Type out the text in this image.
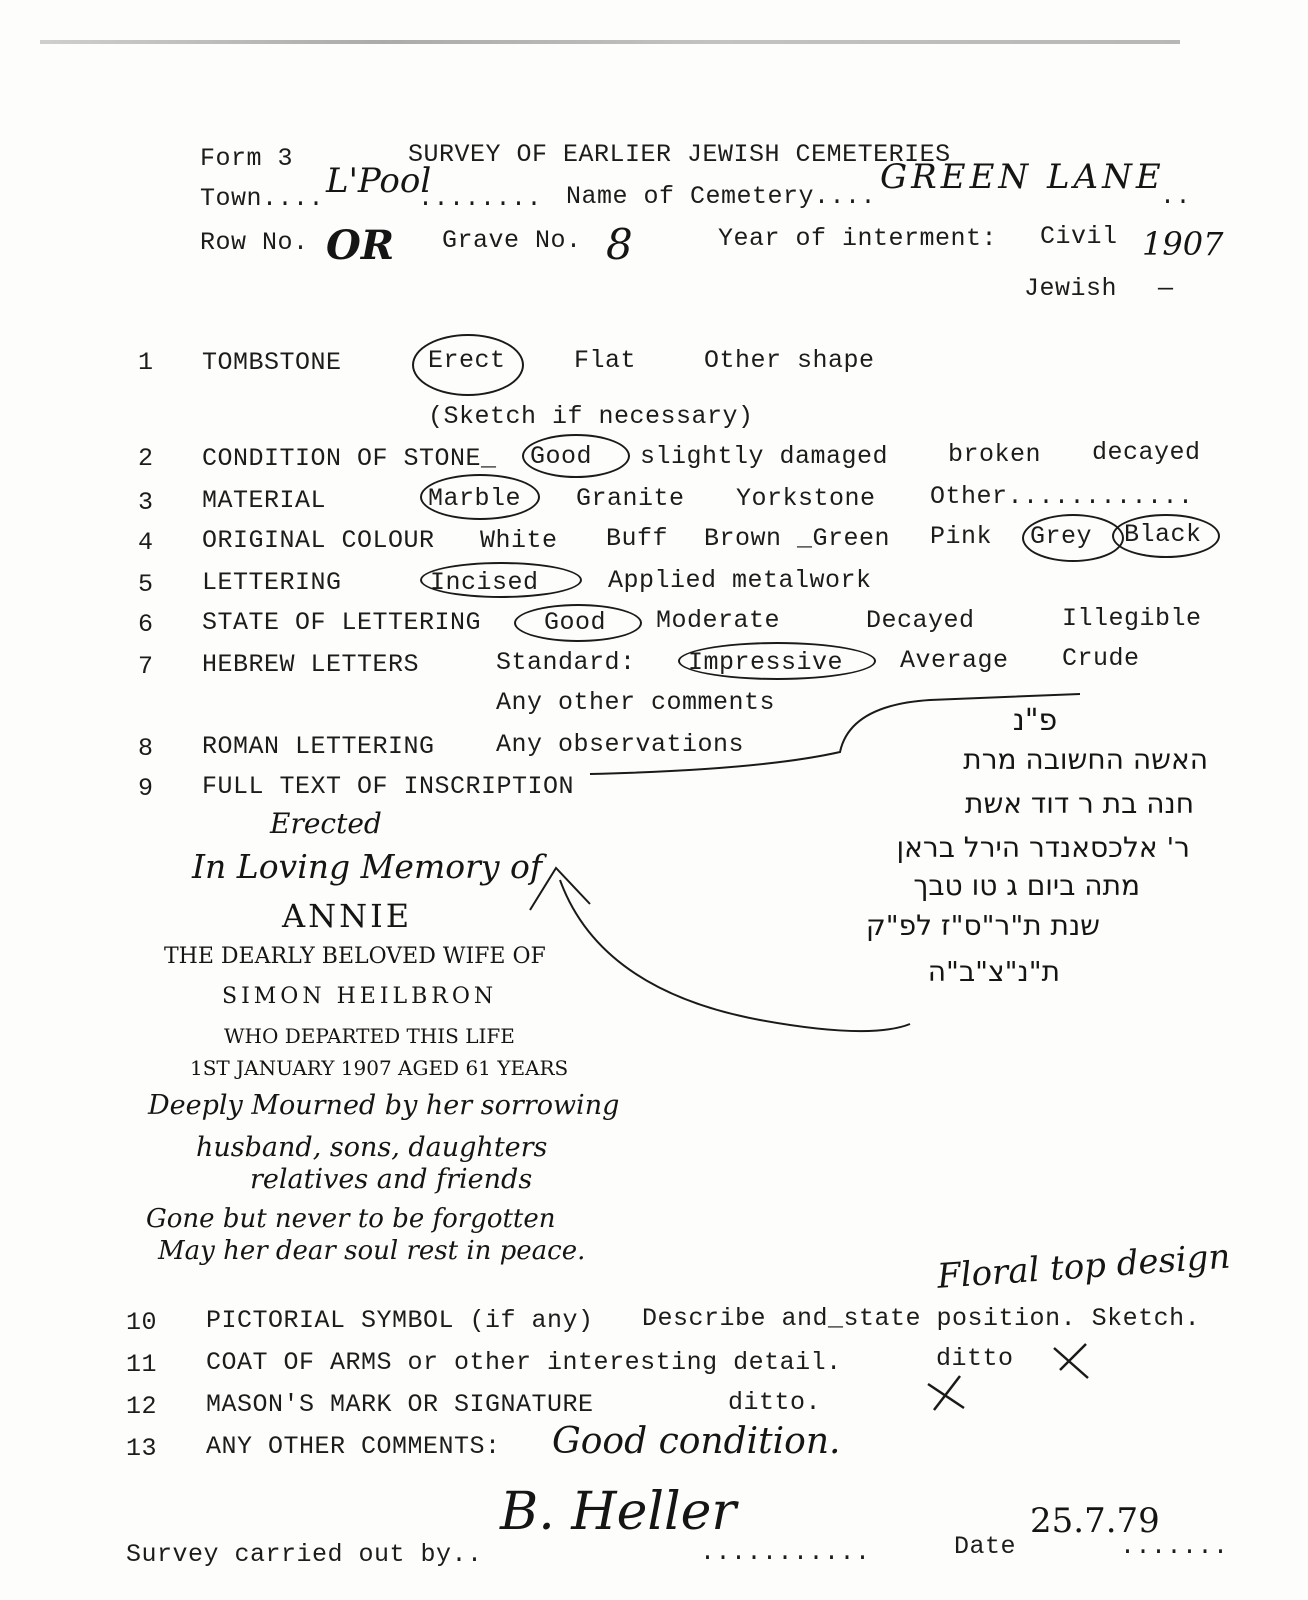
Form 3	SURVEY OF EARLIER JEWISH CEMETERIES
Town.... L'Pool
........ Name of Cemetery.... GREEN LANE
..
Row No. OR Grave No. 8	Year of interment: Civil 1907
Jewish —
1 TOMBSTONE	Erect	Flat	Other shape
(Sketch if necessary)
2 CONDITION OF STONE_ Good slightly damaged broken decayed
3 MATERIAL	Marble Granite Yorkstone Other............
4 ORIGINAL COLOUR White Buff Brown _Green Pink Grey Black
5 LETTERING	Incised	Applied metalwork
6 STATE OF LETTERING	Good Moderate	Decayed	Illegible
7 HEBREW LETTERS	Standard: Impressive Average Crude
Any other comments
8 ROMAN LETTERING Any observations
9 FULL TEXT OF INSCRIPTION
Erected
In Loving Memory of
ANNIE
THE DEARLY BELOVED WIFE OF
SIMON HEILBRON
WHO DEPARTED THIS LIFE
1ST JANUARY 1907 AGED 61 YEARS
Deeply Mourned by her sorrowing
husband, sons, daughters
relatives and friends
Gone but never to be forgotten
May her dear soul rest in peace.
פ"נ
האשה החשובה מרת
חנה בת ר דוד אשת
ר' אלכסאנדר הירל בראן
מתה ביום ג טו טבך
שנת ת"ר"ס"ז לפ"ק
ת"נ"צ"ב"ה
10 PICTORIAL SYMBOL (if any) Describe and_state position. Sketch.
Floral top design
11 COAT OF ARMS or other interesting detail.	ditto
12 MASON'S MARK OR SIGNATURE	ditto.
13 ANY OTHER COMMENTS: Good condition.
Survey carried out by..
B. Heller
...........	Date
25.7.79
.......
